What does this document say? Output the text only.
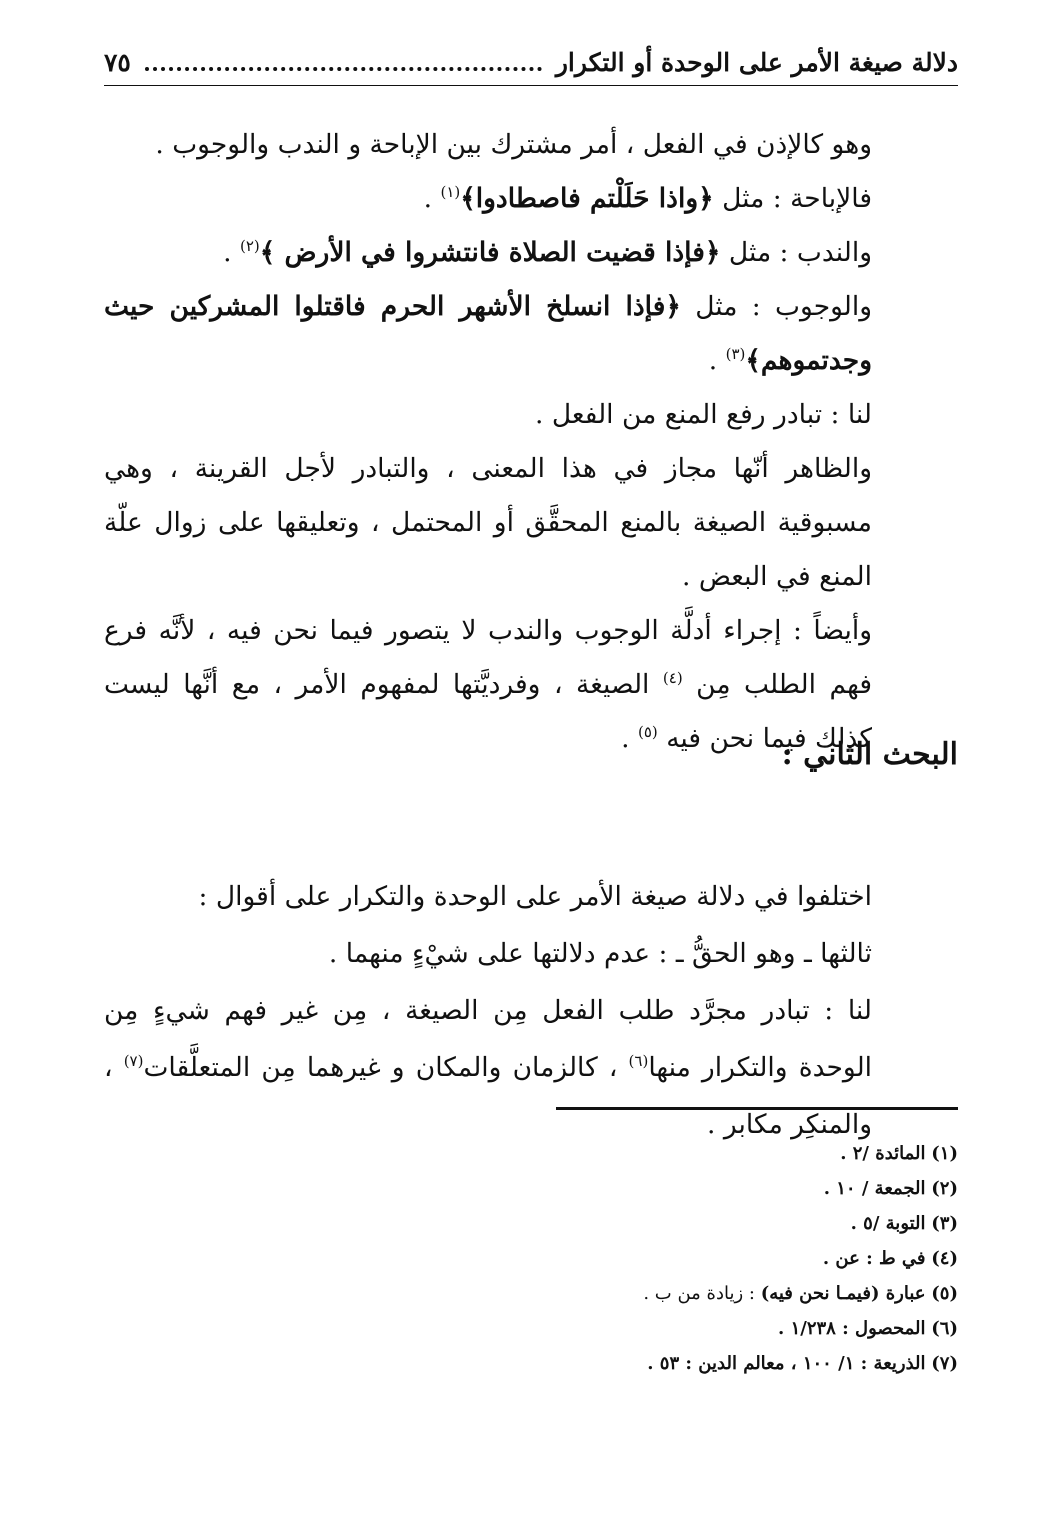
دلالة صيغة الأمر على الوحدة أو التكرار
٧٥

وهو كالإذن في الفعل ، أمر مشترك بين الإباحة و الندب والوجوب .

فالإباحة : مثل ﴿واذا حَلَلْتم فاصطادوا﴾$^{(١)}$ .

والندب : مثل ﴿فإذا قضيت الصلاة فانتشروا في الأرض ﴾$^{(٢)}$ .

والوجوب : مثل ﴿فإذا انسلخ الأشهر الحرم فاقتلوا المشركين حيث وجدتموهم﴾$^{(٣)}$ .

لنا : تبادر رفع المنع من الفعل .

والظاهر أنّها مجاز في هذا المعنى ، والتبادر لأجل القرينة ، وهي مسبوقية الصيغة بالمنع المحقَّق أو المحتمل ، وتعليقها على زوال علّة المنع في البعض .

وأيضاً : إجراء أدلَّة الوجوب والندب لا يتصور فيما نحن فيه ، لأنَّه فرع فهم الطلب مِن $^{(٤)}$ الصيغة ، وفرديَّتها لمفهوم الأمر ، مع أنَّها ليست كذلك فيما نحن فيه $^{(٥)}$ .	البحث الثاني :

اختلفوا في دلالة صيغة الأمر على الوحدة والتكرار على أقوال :

ثالثها ـ وهو الحقُّ ـ : عدم دلالتها على شيْءٍ منهما .

لنا : تبادر مجرَّد طلب الفعل مِن الصيغة ، مِن غير فهم شيءٍ مِن الوحدة والتكرار منها$^{(٦)}$ ، كالزمان والمكان و غيرهما مِن المتعلَّقات$^{(٧)}$ ، والمنكِر مكابر .

(١) المائدة /٢ .
(٢) الجمعة / ١٠ .
(٣) التوبة /٥ .
(٤) في ط : عن .
(٥) عبارة (فيمـا نحن فيه) : زيادة من ب .
(٦) المحصول : ١/٢٣٨ .
(٧) الذريعة : ١/ ١٠٠ ، معالم الدين : ٥٣ .
